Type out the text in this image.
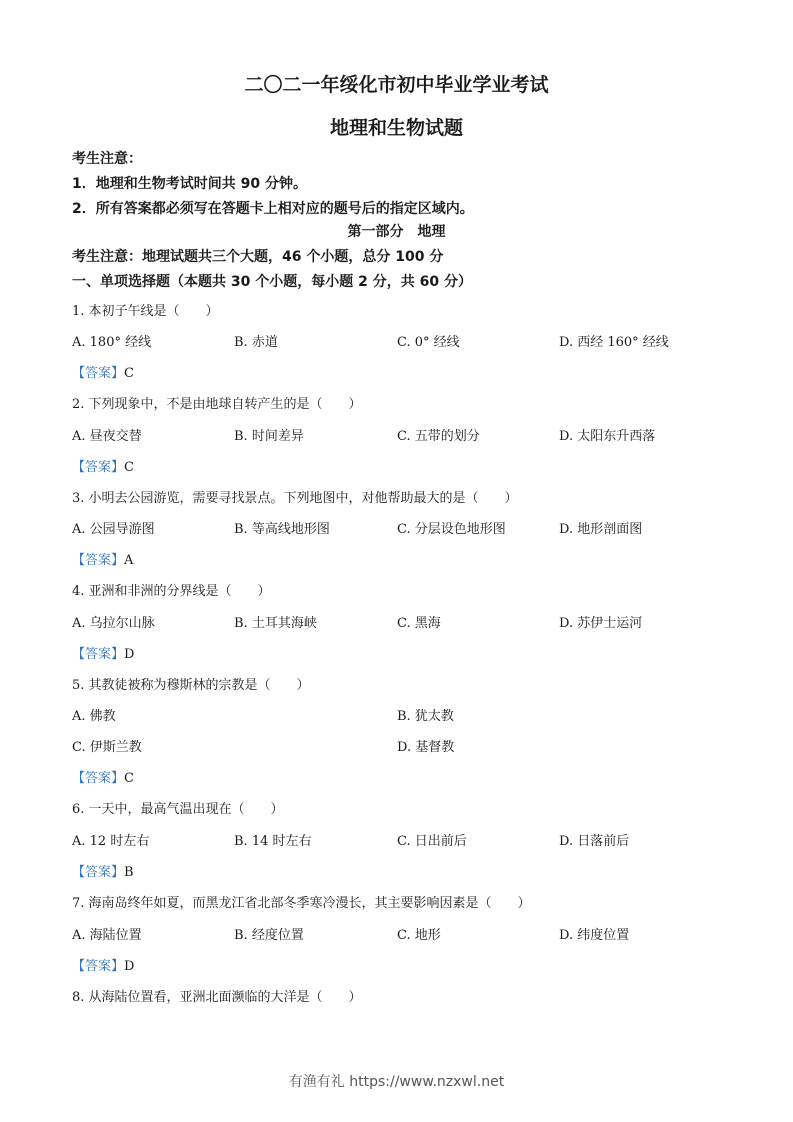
二〇二一年绥化市初中毕业学业考试
地理和生物试题
考生注意：
1．地理和生物考试时间共 90 分钟。
2．所有答案都必须写在答题卡上相对应的题号后的指定区域内。
第一部分　地理
考生注意：地理试题共三个大题，46 个小题，总分 100 分
一、单项选择题（本题共 30 个小题，每小题 2 分，共 60 分）
1. 本初子午线是（　　）
A. 180° 经线	B. 赤道	C. 0° 经线	D. 西经 160° 经线
【答案】C
2. 下列现象中，不是由地球自转产生的是（　　）
A. 昼夜交替	B. 时间差异	C. 五带的划分	D. 太阳东升西落
【答案】C
3. 小明去公园游览，需要寻找景点。下列地图中，对他帮助最大的是（　　）
A. 公园导游图	B. 等高线地形图	C. 分层设色地形图	D. 地形剖面图
【答案】A
4. 亚洲和非洲的分界线是（　　）
A. 乌拉尔山脉	B. 土耳其海峡	C. 黑海	D. 苏伊士运河
【答案】D
5. 其教徒被称为穆斯林的宗教是（　　）
A. 佛教	B. 犹太教
C. 伊斯兰教	D. 基督教
【答案】C
6. 一天中，最高气温出现在（　　）
A. 12 时左右	B. 14 时左右	C. 日出前后	D. 日落前后
【答案】B
7. 海南岛终年如夏，而黑龙江省北部冬季寒冷漫长，其主要影响因素是（　　）
A. 海陆位置	B. 经度位置	C. 地形	D. 纬度位置
【答案】D
8. 从海陆位置看，亚洲北面濒临的大洋是（　　）
有渔有礼 https://www.nzxwl.net
